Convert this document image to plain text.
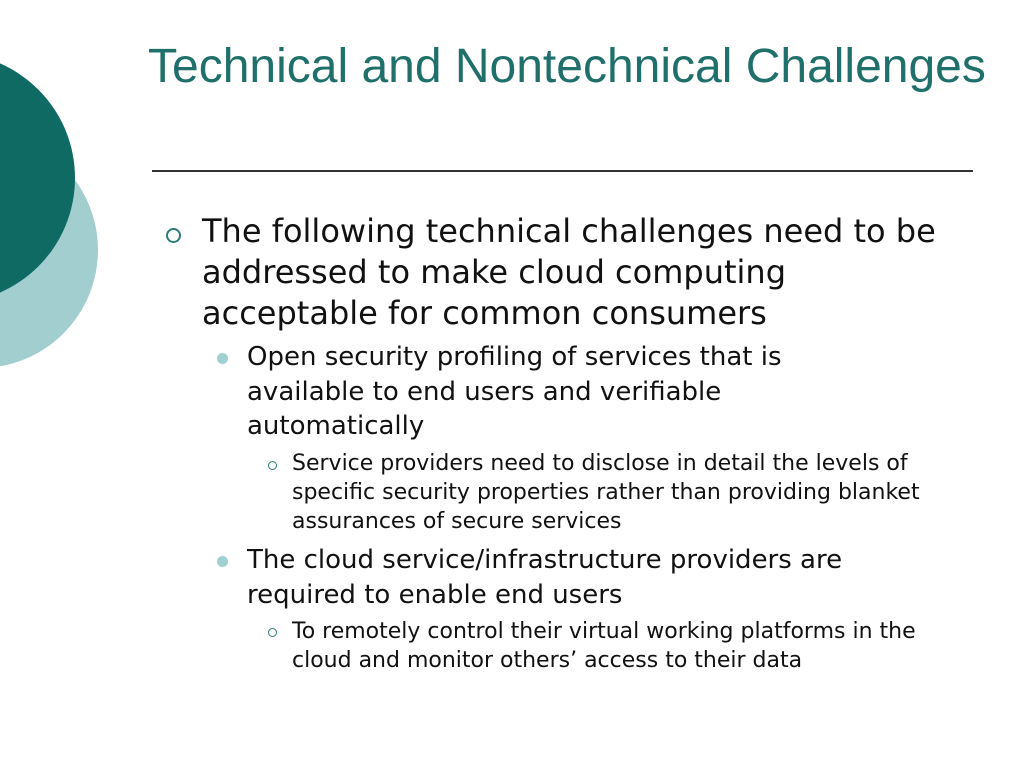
Technical and Nontechnical Challenges

The following technical challenges need to be addressed to make cloud computing acceptable for common consumers

Open security profiling of services that is available to end users and verifiable automatically

Service providers need to disclose in detail the levels of specific security properties rather than providing blanket assurances of secure services

The cloud service/infrastructure providers are required to enable end users

To remotely control their virtual working platforms in the cloud and monitor others’ access to their data
